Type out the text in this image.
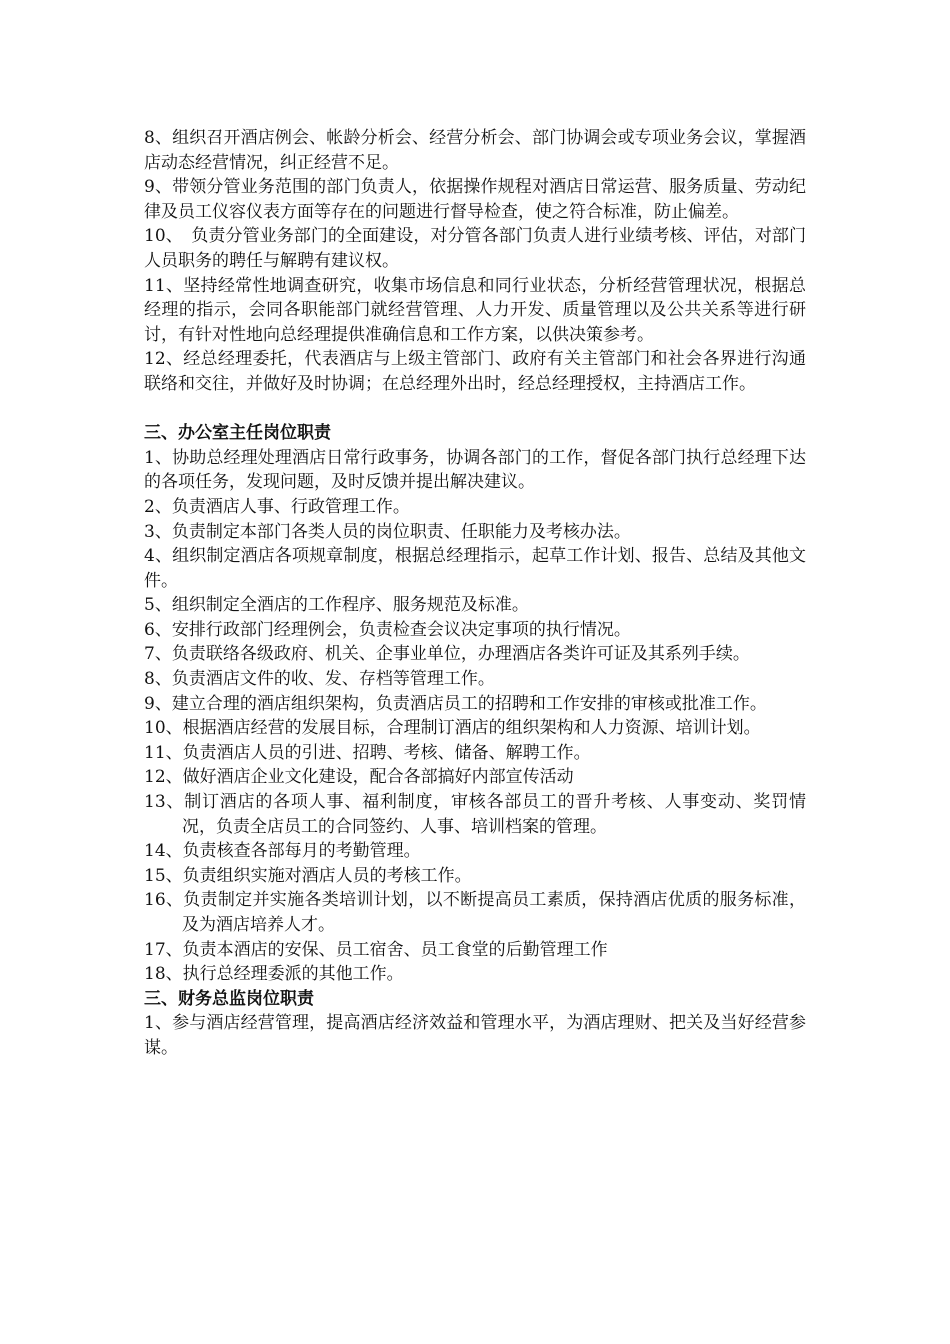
8、组织召开酒店例会、帐龄分析会、经营分析会、部门协调会或专项业务会议，掌握酒店动态经营情况，纠正经营不足。

9、带领分管业务范围的部门负责人，依据操作规程对酒店日常运营、服务质量、劳动纪律及员工仪容仪表方面等存在的问题进行督导检查，使之符合标准，防止偏差。

10、　负责分管业务部门的全面建设，对分管各部门负责人进行业绩考核、评估，对部门人员职务的聘任与解聘有建议权。

11、坚持经常性地调查研究，收集市场信息和同行业状态，分析经营管理状况，根据总经理的指示，会同各职能部门就经营管理、人力开发、质量管理以及公共关系等进行研讨，有针对性地向总经理提供准确信息和工作方案，以供决策参考。

12、经总经理委托，代表酒店与上级主管部门、政府有关主管部门和社会各界进行沟通联络和交往，并做好及时协调；在总经理外出时，经总经理授权，主持酒店工作。

三、办公室主任岗位职责

1、协助总经理处理酒店日常行政事务，协调各部门的工作，督促各部门执行总经理下达的各项任务，发现问题，及时反馈并提出解决建议。

2、负责酒店人事、行政管理工作。

3、负责制定本部门各类人员的岗位职责、任职能力及考核办法。

4、组织制定酒店各项规章制度，根据总经理指示，起草工作计划、报告、总结及其他文件。

5、组织制定全酒店的工作程序、服务规范及标准。

6、安排行政部门经理例会，负责检查会议决定事项的执行情况。

7、负责联络各级政府、机关、企事业单位，办理酒店各类许可证及其系列手续。

8、负责酒店文件的收、发、存档等管理工作。

9、建立合理的酒店组织架构，负责酒店员工的招聘和工作安排的审核或批准工作。

10、根据酒店经营的发展目标，合理制订酒店的组织架构和人力资源、培训计划。

11、负责酒店人员的引进、招聘、考核、储备、解聘工作。

12、做好酒店企业文化建设，配合各部搞好内部宣传活动

13、制订酒店的各项人事、福利制度，审核各部员工的晋升考核、人事变动、奖罚情况，负责全店员工的合同签约、人事、培训档案的管理。

14、负责核查各部每月的考勤管理。

15、负责组织实施对酒店人员的考核工作。

16、负责制定并实施各类培训计划，以不断提高员工素质，保持酒店优质的服务标准，及为酒店培养人才。

17、负责本酒店的安保、员工宿舍、员工食堂的后勤管理工作

18、执行总经理委派的其他工作。

三、财务总监岗位职责

1、参与酒店经营管理，提高酒店经济效益和管理水平，为酒店理财、把关及当好经营参谋。
